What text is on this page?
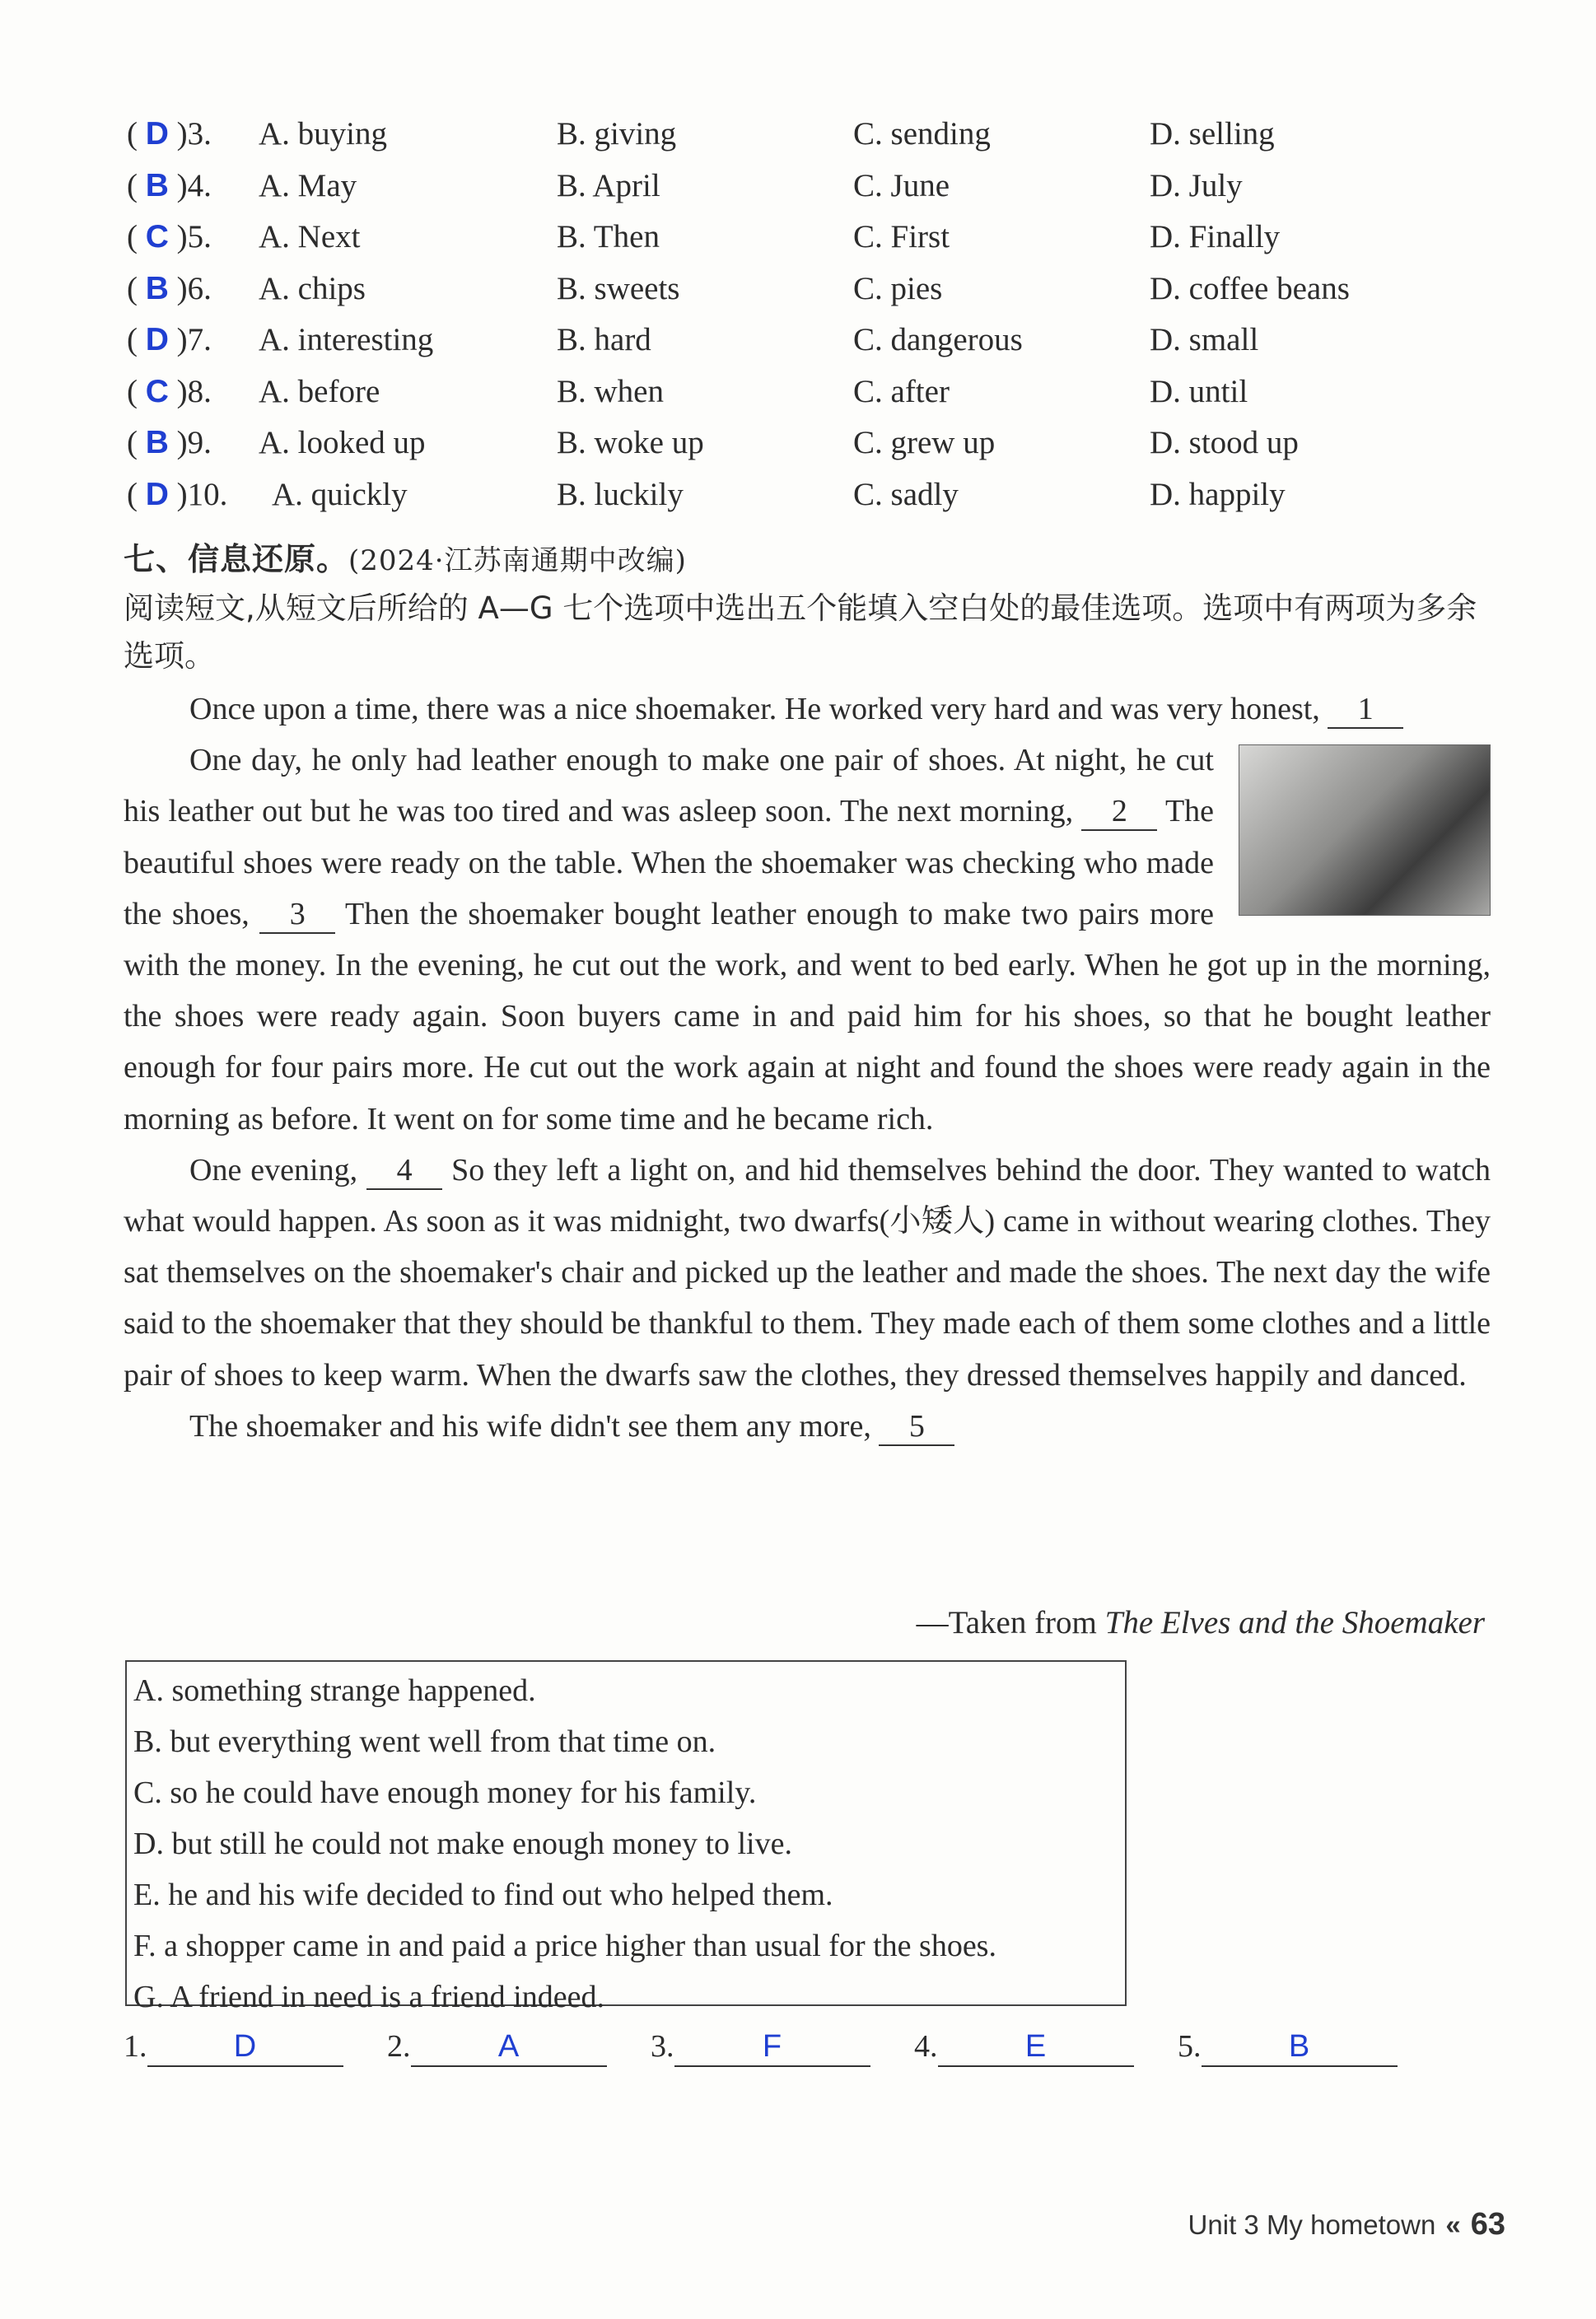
( D )3. A. buying	B. giving	C. sending	D. selling
( B )4. A. May	B. April	C. June	D. July
( C )5. A. Next	B. Then	C. First	D. Finally
( B )6. A. chips	B. sweets	C. pies	D. coffee beans
( D )7. A. interesting	B. hard	C. dangerous	D. small
( C )8. A. before	B. when	C. after	D. until
( B )9. A. looked up	B. woke up	C. grew up	D. stood up
( D )10. A. quickly	B. luckily	C. sadly	D. happily
七、信息还原。(2024·江苏南通期中改编)
阅读短文,从短文后所给的 A—G 七个选项中选出五个能填入空白处的最佳选项。选项中有两项为多余选项。

Once upon a time, there was a nice shoemaker. He worked very hard and was very honest, 1

One day, he only had leather enough to make one pair of shoes. At night, he cut his leather out but he was too tired and was asleep soon. The next morning, 2 The beautiful shoes were ready on the table. When the shoemaker was checking who made the shoes, 3 Then the shoemaker bought leather enough to make two pairs more with the money. In the evening, he cut out the work, and went to bed early. When he got up in the morning, the shoes were ready again. Soon buyers came in and paid him for his shoes, so that he bought leather enough for four pairs more. He cut out the work again at night and found the shoes were ready again in the morning as before. It went on for some time and he became rich.

One evening, 4 So they left a light on, and hid themselves behind the door. They wanted to watch what would happen. As soon as it was midnight, two dwarfs(小矮人) came in without wearing clothes. They sat themselves on the shoemaker's chair and picked up the leather and made the shoes. The next day the wife said to the shoemaker that they should be thankful to them. They made each of them some clothes and a little pair of shoes to keep warm. When the dwarfs saw the clothes, they dressed themselves happily and danced.

The shoemaker and his wife didn't see them any more, 5

—Taken from The Elves and the Shoemaker
A. something strange happened.
B. but everything went well from that time on.
C. so he could have enough money for his family.
D. but still he could not make enough money to live.
E. he and his wife decided to find out who helped them.
F. a shopper came in and paid a price higher than usual for the shoes.
G. A friend in need is a friend indeed.
1.	D	2.	A	3.	F	4.	E	5.	B
Unit 3 My hometown « 63
